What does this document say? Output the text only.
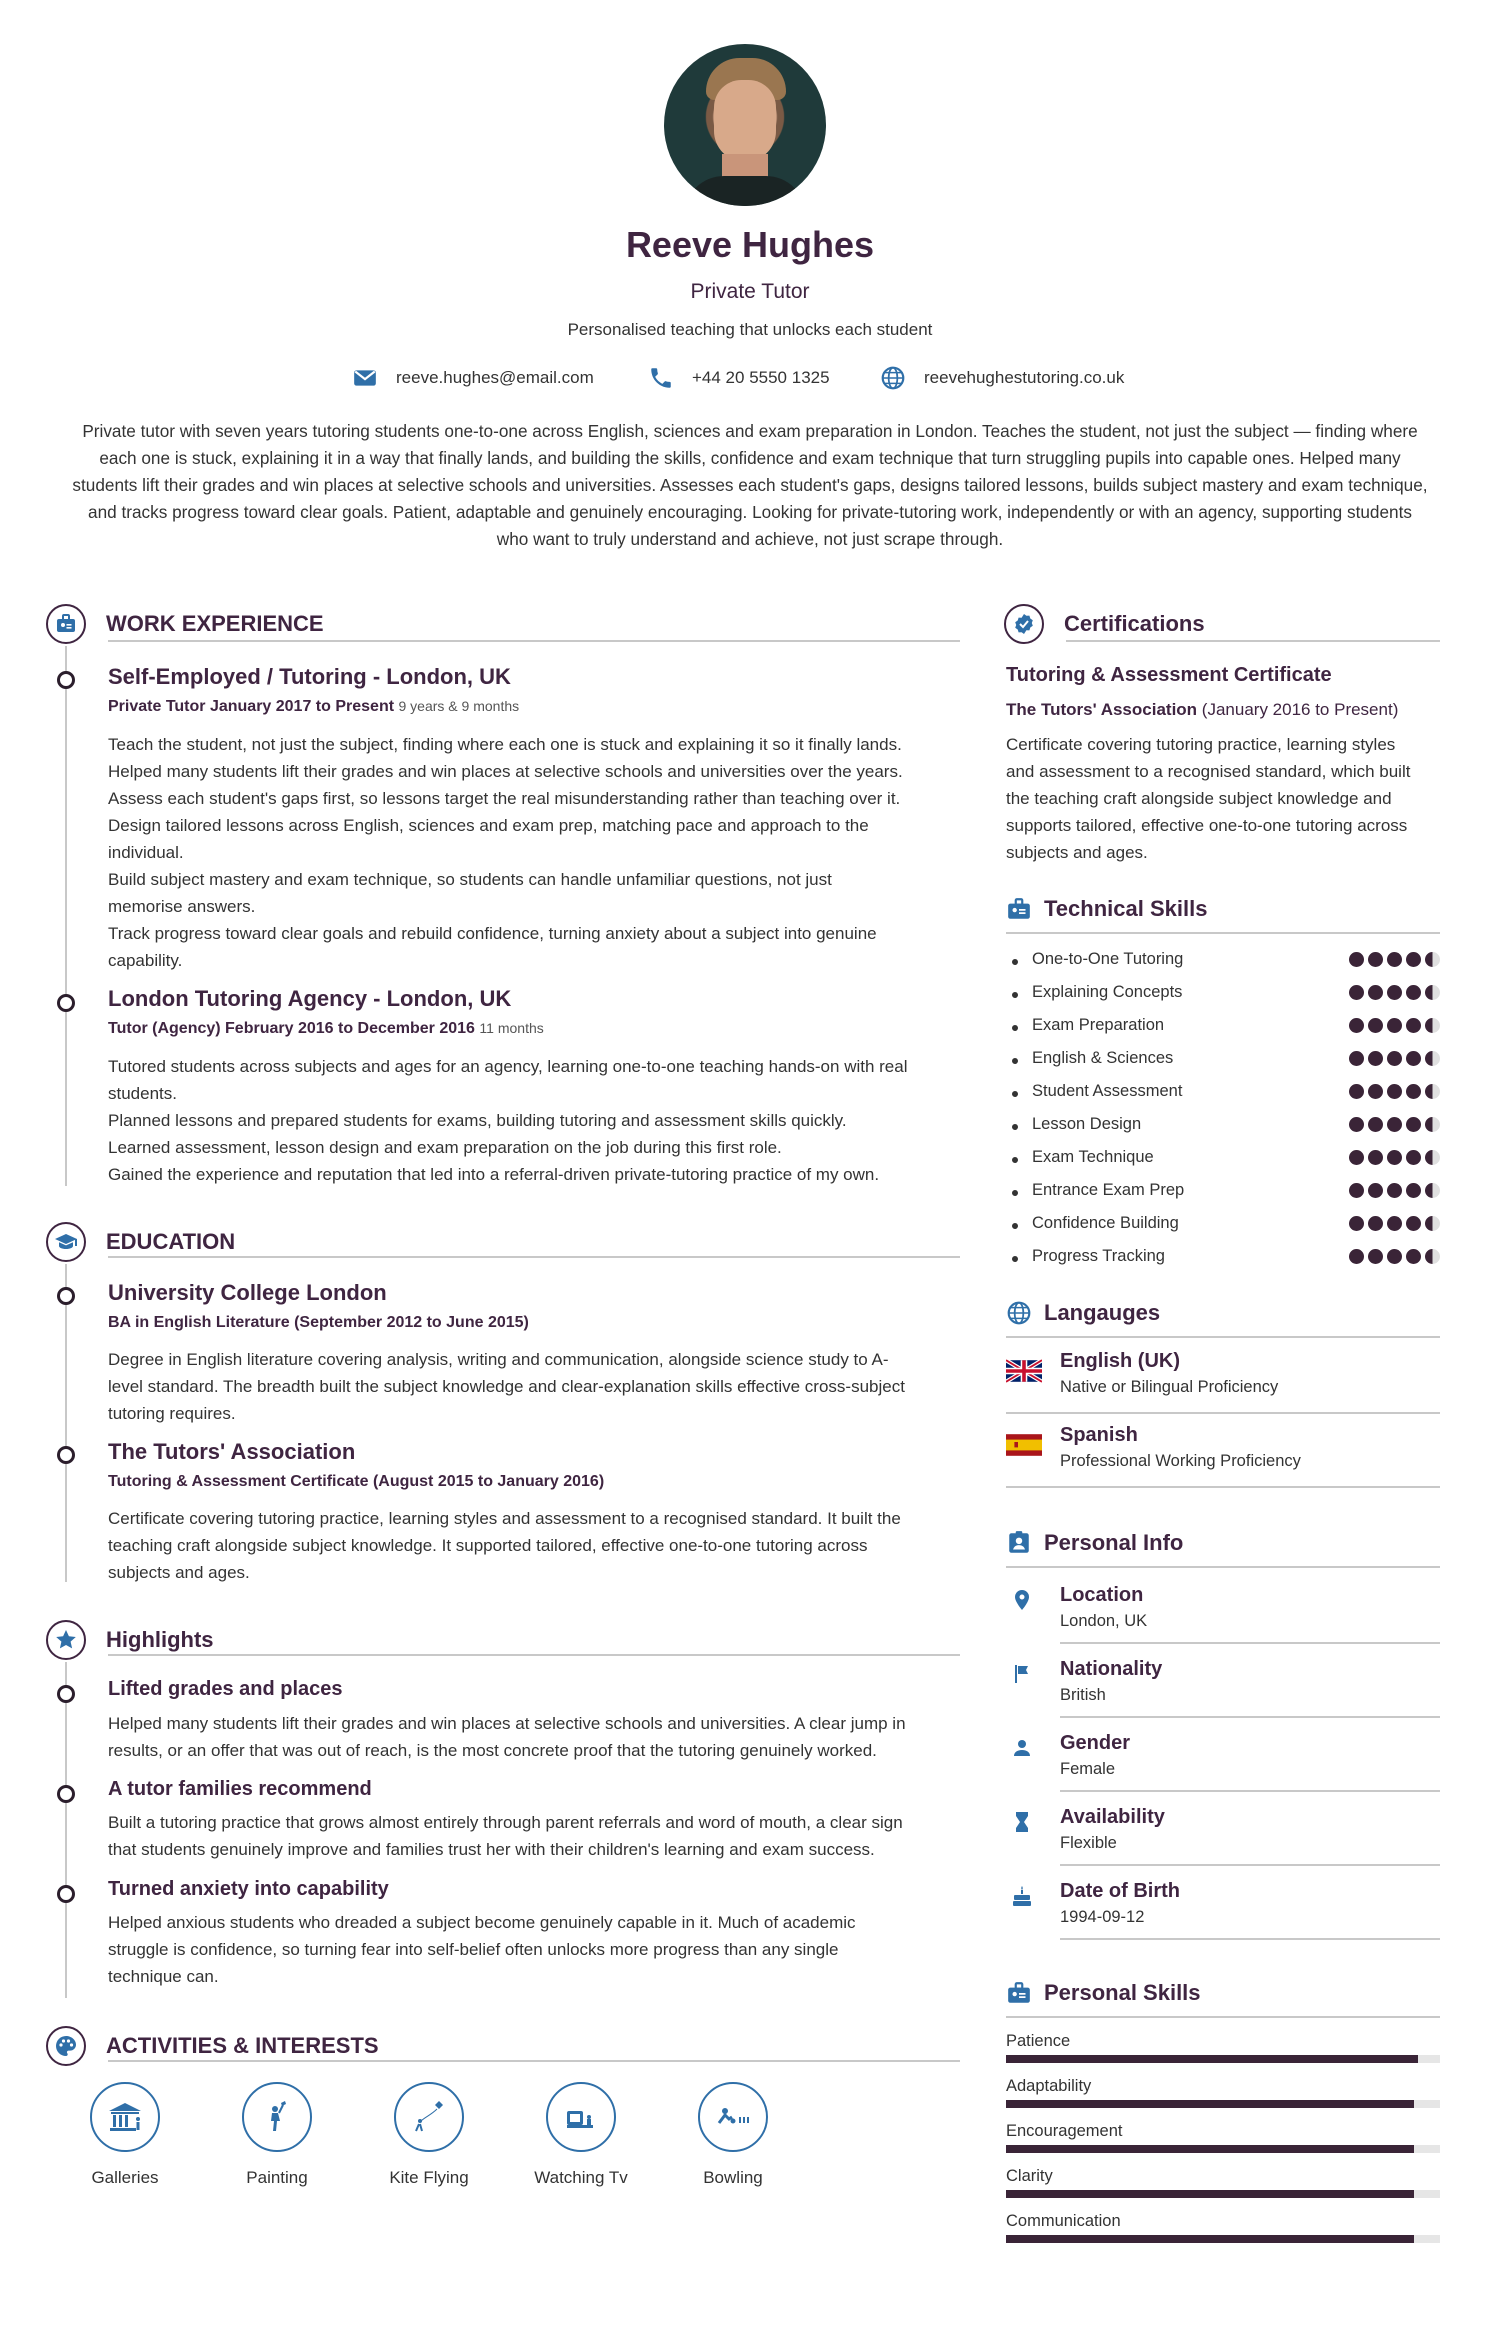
Reeve Hughes
Private Tutor
Personalised teaching that unlocks each student
reeve.hughes@email.com	+44 20 5550 1325	reevehughestutoring.co.uk
Private tutor with seven years tutoring students one-to-one across English, sciences and exam preparation in London. Teaches the student, not just the subject — finding where each one is stuck, explaining it in a way that finally lands, and building the skills, confidence and exam technique that turn struggling pupils into capable ones. Helped many students lift their grades and win places at selective schools and universities. Assesses each student's gaps, designs tailored lessons, builds subject mastery and exam technique, and tracks progress toward clear goals. Patient, adaptable and genuinely encouraging. Looking for private-tutoring work, independently or with an agency, supporting students who want to truly understand and achieve, not just scrape through.
WORK EXPERIENCE
Self-Employed / Tutoring - London, UK
Private Tutor January 2017 to Present 9 years & 9 months
Teach the student, not just the subject, finding where each one is stuck and explaining it so it finally lands.
Helped many students lift their grades and win places at selective schools and universities over the years.
Assess each student's gaps first, so lessons target the real misunderstanding rather than teaching over it.
Design tailored lessons across English, sciences and exam prep, matching pace and approach to the
individual.
Build subject mastery and exam technique, so students can handle unfamiliar questions, not just
memorise answers.
Track progress toward clear goals and rebuild confidence, turning anxiety about a subject into genuine
capability.
London Tutoring Agency - London, UK
Tutor (Agency) February 2016 to December 2016 11 months
Tutored students across subjects and ages for an agency, learning one-to-one teaching hands-on with real
students.
Planned lessons and prepared students for exams, building tutoring and assessment skills quickly.
Learned assessment, lesson design and exam preparation on the job during this first role.
Gained the experience and reputation that led into a referral-driven private-tutoring practice of my own.
EDUCATION
University College London
BA in English Literature (September 2012 to June 2015)
Degree in English literature covering analysis, writing and communication, alongside science study to A-
level standard. The breadth built the subject knowledge and clear-explanation skills effective cross-subject
tutoring requires.
The Tutors' Association
Tutoring & Assessment Certificate (August 2015 to January 2016)
Certificate covering tutoring practice, learning styles and assessment to a recognised standard. It built the
teaching craft alongside subject knowledge. It supported tailored, effective one-to-one tutoring across
subjects and ages.
Highlights
Lifted grades and places
Helped many students lift their grades and win places at selective schools and universities. A clear jump in
results, or an offer that was out of reach, is the most concrete proof that the tutoring genuinely worked.
A tutor families recommend
Built a tutoring practice that grows almost entirely through parent referrals and word of mouth, a clear sign
that students genuinely improve and families trust her with their children's learning and exam success.
Turned anxiety into capability
Helped anxious students who dreaded a subject become genuinely capable in it. Much of academic
struggle is confidence, so turning fear into self-belief often unlocks more progress than any single
technique can.
ACTIVITIES & INTERESTS
Galleries	Painting	Kite Flying	Watching Tv	Bowling
Certifications
Tutoring & Assessment Certificate
The Tutors' Association (January 2016 to Present)
Certificate covering tutoring practice, learning styles
and assessment to a recognised standard, which built
the teaching craft alongside subject knowledge and
supports tailored, effective one-to-one tutoring across
subjects and ages.
Technical Skills
One-to-One Tutoring
Explaining Concepts
Exam Preparation
English & Sciences
Student Assessment
Lesson Design
Exam Technique
Entrance Exam Prep
Confidence Building
Progress Tracking
Langauges
English (UK)
Native or Bilingual Proficiency
Spanish
Professional Working Proficiency
Personal Info
Location
London, UK
Nationality
British
Gender
Female
Availability
Flexible
Date of Birth
1994-09-12
Personal Skills
Patience
Adaptability
Encouragement
Clarity
Communication
